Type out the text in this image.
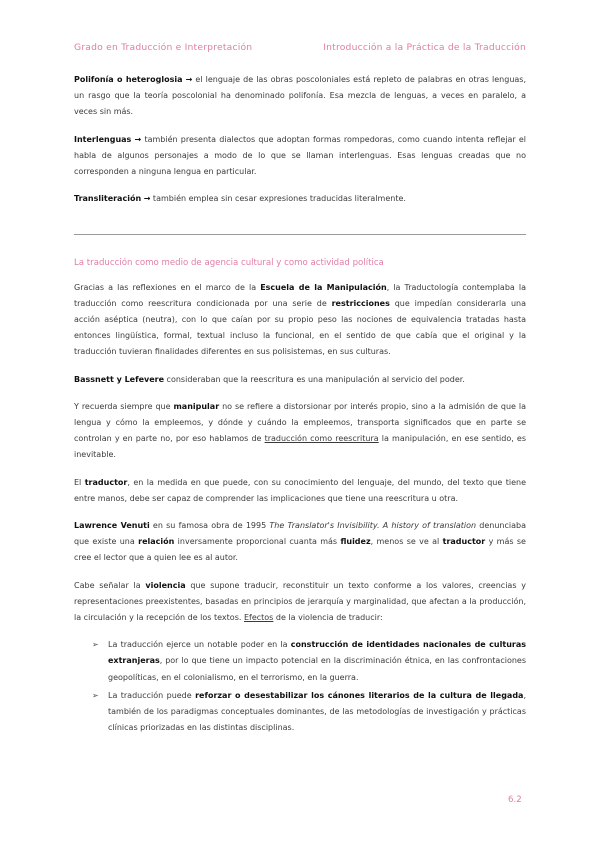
Grado en Traducción e Interpretación	Introducción a la Práctica de la Traducción

Polifonía o heteroglosia → el lenguaje de las obras poscoloniales está repleto de palabras en otras lenguas, un rasgo que la teoría poscolonial ha denominado polifonía. Esa mezcla de lenguas, a veces en paralelo, a veces sin más.

Interlenguas → también presenta dialectos que adoptan formas rompedoras, como cuando intenta reflejar el habla de algunos personajes a modo de lo que se llaman interlenguas. Esas lenguas creadas que no corresponden a ninguna lengua en particular.

Transliteración → también emplea sin cesar expresiones traducidas literalmente.

La traducción como medio de agencia cultural y como actividad política

Gracias a las reflexiones en el marco de la Escuela de la Manipulación, la Traductología contemplaba la traducción como reescritura condicionada por una serie de restricciones que impedían considerarla una acción aséptica (neutra), con lo que caían por su propio peso las nociones de equivalencia tratadas hasta entonces lingüística, formal, textual incluso la funcional, en el sentido de que cabía que el original y la traducción tuvieran finalidades diferentes en sus polisistemas, en sus culturas.

Bassnett y Lefevere consideraban que la reescritura es una manipulación al servicio del poder.

Y recuerda siempre que manipular no se refiere a distorsionar por interés propio, sino a la admisión de que la lengua y cómo la empleemos, y dónde y cuándo la empleemos, transporta significados que en parte se controlan y en parte no, por eso hablamos de traducción como reescritura la manipulación, en ese sentido, es inevitable.

El traductor, en la medida en que puede, con su conocimiento del lenguaje, del mundo, del texto que tiene entre manos, debe ser capaz de comprender las implicaciones que tiene una reescritura u otra.

Lawrence Venuti en su famosa obra de 1995 The Translator's Invisibility. A history of translation denunciaba que existe una relación inversamente proporcional cuanta más fluidez, menos se ve al traductor y más se cree el lector que a quien lee es al autor.

Cabe señalar la violencia que supone traducir, reconstituir un texto conforme a los valores, creencias y representaciones preexistentes, basadas en principios de jerarquía y marginalidad, que afectan a la producción, la circulación y la recepción de los textos. Efectos de la violencia de traducir:

➢ La traducción ejerce un notable poder en la construcción de identidades nacionales de culturas extranjeras, por lo que tiene un impacto potencial en la discriminación étnica, en las confrontaciones geopolíticas, en el colonialismo, en el terrorismo, en la guerra.
➢ La traducción puede reforzar o desestabilizar los cánones literarios de la cultura de llegada, también de los paradigmas conceptuales dominantes, de las metodologías de investigación y prácticas clínicas priorizadas en las distintas disciplinas.
6.2
